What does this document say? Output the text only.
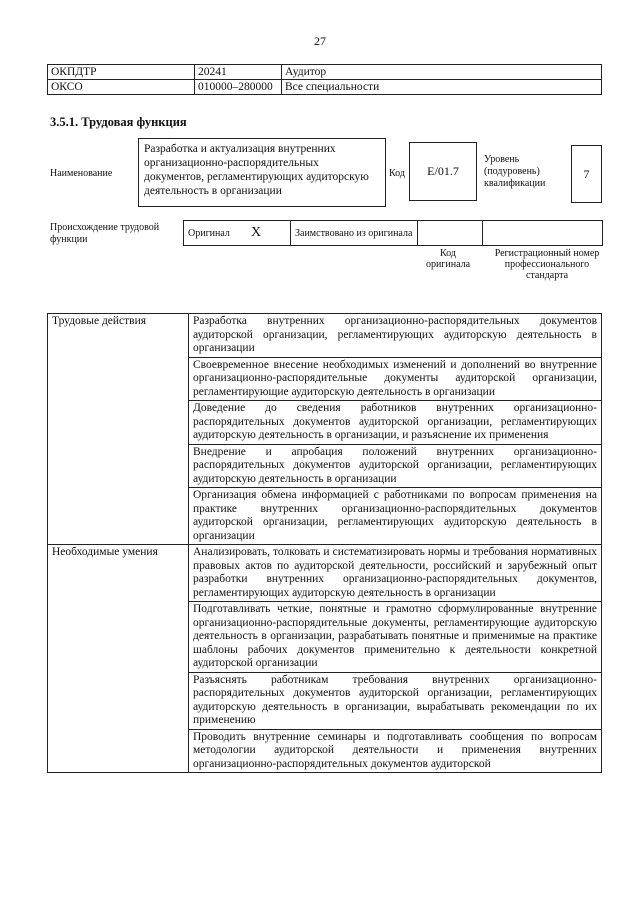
27
ОКПДТР	20241	Аудитор
ОКСО	010000–280000	Все специальности
3.5.1. Трудовая функция
Наименование
Разработка и актуализация внутренних организационно-распорядительных документов, регламентирующих аудиторскую деятельность в организации
Код	E/01.7
Уровень (подуровень) квалификации
7
Происхождение трудовой функции
Оригинал	X	Заимствовано из оригинала		
Код оригинала
Регистрационный номер профессионального стандарта
Трудовые действия	Разработка внутренних организационно-распорядительных документов аудиторской организации, регламентирующих аудиторскую деятельность в организации
	Своевременное внесение необходимых изменений и дополнений во внутренние организационно-распорядительные документы аудиторской организации, регламентирующие аудиторскую деятельность в организации
	Доведение до сведения работников внутренних организационно-распорядительных документов аудиторской организации, регламентирующих аудиторскую деятельность в организации, и разъяснение их применения
	Внедрение и апробация положений внутренних организационно-распорядительных документов аудиторской организации, регламентирующих аудиторскую деятельность в организации
	Организация обмена информацией с работниками по вопросам применения на практике внутренних организационно-распорядительных документов аудиторской организации, регламентирующих аудиторскую деятельность в организации
Необходимые умения	Анализировать, толковать и систематизировать нормы и требования нормативных правовых актов по аудиторской деятельности, российский и зарубежный опыт разработки внутренних организационно-распорядительных документов, регламентирующих аудиторскую деятельность в организации
	Подготавливать четкие, понятные и грамотно сформулированные внутренние организационно-распорядительные документы, регламентирующие аудиторскую деятельность в организации, разрабатывать понятные и применимые на практике шаблоны рабочих документов применительно к деятельности конкретной аудиторской организации
	Разъяснять работникам требования внутренних организационно-распорядительных документов аудиторской организации, регламентирующих аудиторскую деятельность в организации, вырабатывать рекомендации по их применению
	Проводить внутренние семинары и подготавливать сообщения по вопросам методологии аудиторской деятельности и применения внутренних организационно-распорядительных документов аудиторской
